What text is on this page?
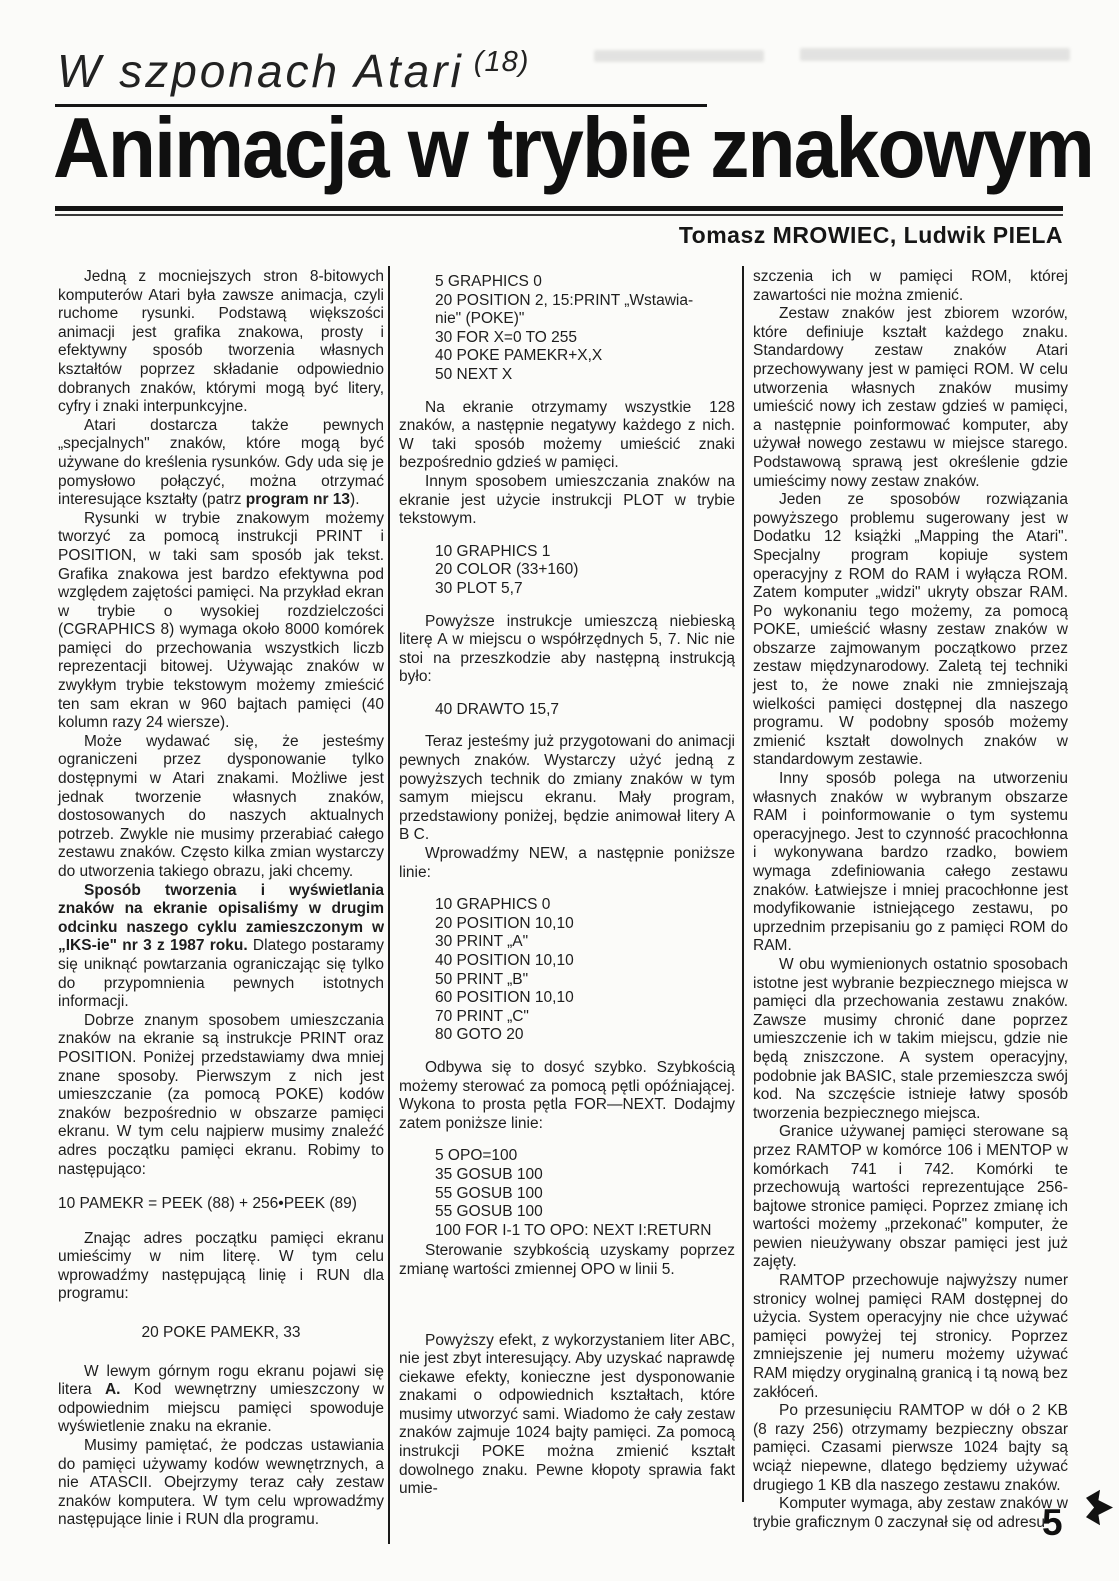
W szponach Atari $^{(18)}$
Animacja w trybie znakowym
Tomasz MROWIEC, Ludwik PIELA

Jedną z mocniejszych stron 8-bitowych komputerów Atari była zawsze animacja, czyli ruchome rysunki. Podstawą większości animacji jest grafika znakowa, prosty i efektywny sposób tworzenia własnych kształtów poprzez składanie odpowiednio dobranych znaków, którymi mogą być litery, cyfry i znaki interpunkcyjne.

Atari dostarcza także pewnych „specjalnych" znaków, które mogą być używane do kreślenia rysunków. Gdy uda się je pomysłowo połączyć, można otrzymać interesujące kształty (patrz program nr 13).

Rysunki w trybie znakowym możemy tworzyć za pomocą instrukcji PRINT i POSITION, w taki sam sposób jak tekst. Grafika znakowa jest bardzo efektywna pod względem zajętości pamięci. Na przykład ekran w trybie o wysokiej rozdzielczości (CGRAPHICS 8) wymaga około 8000 komórek pamięci do przechowania wszystkich liczb reprezentacji bitowej. Używając znaków w zwykłym trybie tekstowym możemy zmieścić ten sam ekran w 960 bajtach pamięci (40 kolumn razy 24 wiersze).

Może wydawać się, że jesteśmy ograniczeni przez dysponowanie tylko dostępnymi w Atari znakami. Możliwe jest jednak tworzenie własnych znaków, dostosowanych do naszych aktualnych potrzeb. Zwykle nie musimy przerabiać całego zestawu znaków. Często kilka zmian wystarczy do utworzenia takiego obrazu, jaki chcemy.

Sposób tworzenia i wyświetlania znaków na ekranie opisaliśmy w drugim odcinku naszego cyklu zamieszczonym w „IKS-ie" nr 3 z 1987 roku. Dlatego postaramy się uniknąć powtarzania ograniczając się tylko do przypomnienia pewnych istotnych informacji.

Dobrze znanym sposobem umieszczania znaków na ekranie są instrukcje PRINT oraz POSITION. Poniżej przedstawiamy dwa mniej znane sposoby. Pierwszym z nich jest umieszczanie (za pomocą POKE) kodów znaków bezpośrednio w obszarze pamięci ekranu. W tym celu najpierw musimy znaleźć adres początku pamięci ekranu. Robimy to następująco:

10 PAMEKR = PEEK (88) + 256•PEEK (89)

Znając adres początku pamięci ekranu umieścimy w nim literę. W tym celu wprowadźmy następującą linię i RUN dla programu:

20 POKE PAMEKR, 33

W lewym górnym rogu ekranu pojawi się litera A. Kod wewnętrzny umieszczony w odpowiednim miejscu pamięci spowoduje wyświetlenie znaku na ekranie.

Musimy pamiętać, że podczas ustawiania do pamięci używamy kodów wewnętrznych, a nie ATASCII. Obejrzymy teraz cały zestaw znaków komputera. W tym celu wprowadźmy następujące linie i RUN dla programu.

5 GRAPHICS 0
20 POSITION 2, 15:PRINT „Wstawia-
nie" (POKE)"
30 FOR X=0 TO 255
40 POKE PAMEKR+X,X
50 NEXT X

Na ekranie otrzymamy wszystkie 128 znaków, a następnie negatywy każdego z nich. W taki sposób możemy umieścić znaki bezpośrednio gdzieś w pamięci.

Innym sposobem umieszczania znaków na ekranie jest użycie instrukcji PLOT w trybie tekstowym.

10 GRAPHICS 1
20 COLOR (33+160)
30 PLOT 5,7

Powyższe instrukcje umieszczą niebieską literę A w miejscu o współrzędnych 5, 7. Nic nie stoi na przeszkodzie aby następną instrukcją było:

40 DRAWTO 15,7

Teraz jesteśmy już przygotowani do animacji pewnych znaków. Wystarczy użyć jedną z powyższych technik do zmiany znaków w tym samym miejscu ekranu. Mały program, przedstawiony poniżej, będzie animował litery A B C.

Wprowadźmy NEW, a następnie poniższe linie:

10 GRAPHICS 0
20 POSITION 10,10
30 PRINT „A"
40 POSITION 10,10
50 PRINT „B"
60 POSITION 10,10
70 PRINT „C"
80 GOTO 20

Odbywa się to dosyć szybko. Szybkością możemy sterować za pomocą pętli opóźniającej. Wykona to prosta pętla FOR—NEXT. Dodajmy zatem poniższe linie:

5 OPO=100
35 GOSUB 100
55 GOSUB 100
55 GOSUB 100
100 FOR I-1 TO OPO: NEXT I:RETURN

Sterowanie szybkością uzyskamy poprzez zmianę wartości zmiennej OPO w linii 5.

Powyższy efekt, z wykorzystaniem liter ABC, nie jest zbyt interesujący. Aby uzyskać naprawdę ciekawe efekty, konieczne jest dysponowanie znakami o odpowiednich kształtach, które musimy utworzyć sami. Wiadomo że cały zestaw znaków zajmuje 1024 bajty pamięci. Za pomocą instrukcji POKE można zmienić kształt dowolnego znaku. Pewne kłopoty sprawia fakt umie-

szczenia ich w pamięci ROM, której zawartości nie można zmienić.

Zestaw znaków jest zbiorem wzorów, które definiuje kształt każdego znaku. Standardowy zestaw znaków Atari przechowywany jest w pamięci ROM. W celu utworzenia własnych znaków musimy umieścić nowy ich zestaw gdzieś w pamięci, a następnie poinformować komputer, aby używał nowego zestawu w miejsce starego. Podstawową sprawą jest określenie gdzie umieścimy nowy zestaw znaków.

Jeden ze sposobów rozwiązania powyższego problemu sugerowany jest w Dodatku 12 książki „Mapping the Atari". Specjalny program kopiuje system operacyjny z ROM do RAM i wyłącza ROM. Zatem komputer „widzi" ukryty obszar RAM. Po wykonaniu tego możemy, za pomocą POKE, umieścić własny zestaw znaków w obszarze zajmowanym początkowo przez zestaw międzynarodowy. Zaletą tej techniki jest to, że nowe znaki nie zmniejszają wielkości pamięci dostępnej dla naszego programu. W podobny sposób możemy zmienić kształt dowolnych znaków w standardowym zestawie.

Inny sposób polega na utworzeniu własnych znaków w wybranym obszarze RAM i poinformowanie o tym systemu operacyjnego. Jest to czynność pracochłonna i wykonywana bardzo rzadko, bowiem wymaga zdefiniowania całego zestawu znaków. Łatwiejsze i mniej pracochłonne jest modyfikowanie istniejącego zestawu, po uprzednim przepisaniu go z pamięci ROM do RAM.

W obu wymienionych ostatnio sposobach istotne jest wybranie bezpiecznego miejsca w pamięci dla przechowania zestawu znaków. Zawsze musimy chronić dane poprzez umieszczenie ich w takim miejscu, gdzie nie będą zniszczone. A system operacyjny, podobnie jak BASIC, stale przemieszcza swój kod. Na szczęście istnieje łatwy sposób tworzenia bezpiecznego miejsca.

Granice używanej pamięci sterowane są przez RAMTOP w komórce 106 i MENTOP w komórkach 741 i 742. Komórki te przechowują wartości reprezentujące 256-bajtowe stronice pamięci. Poprzez zmianę ich wartości możemy „przekonać" komputer, że pewien nieużywany obszar pamięci jest już zajęty.

RAMTOP przechowuje najwyższy numer stronicy wolnej pamięci RAM dostępnej do użycia. System operacyjny nie chce używać pamięci powyżej tej stronicy. Poprzez zmniejszenie jej numeru możemy używać RAM między oryginalną granicą i tą nową bez zakłóceń.

Po przesunięciu RAMTOP w dół o 2 KB (8 razy 256) otrzymamy bezpieczny obszar pamięci. Czasami pierwsze 1024 bajty są wciąż niepewne, dlatego będziemy używać drugiego 1 KB dla naszego zestawu znaków.

Komputer wymaga, aby zestaw znaków w trybie graficznym 0 zaczynał się od adresu

5
